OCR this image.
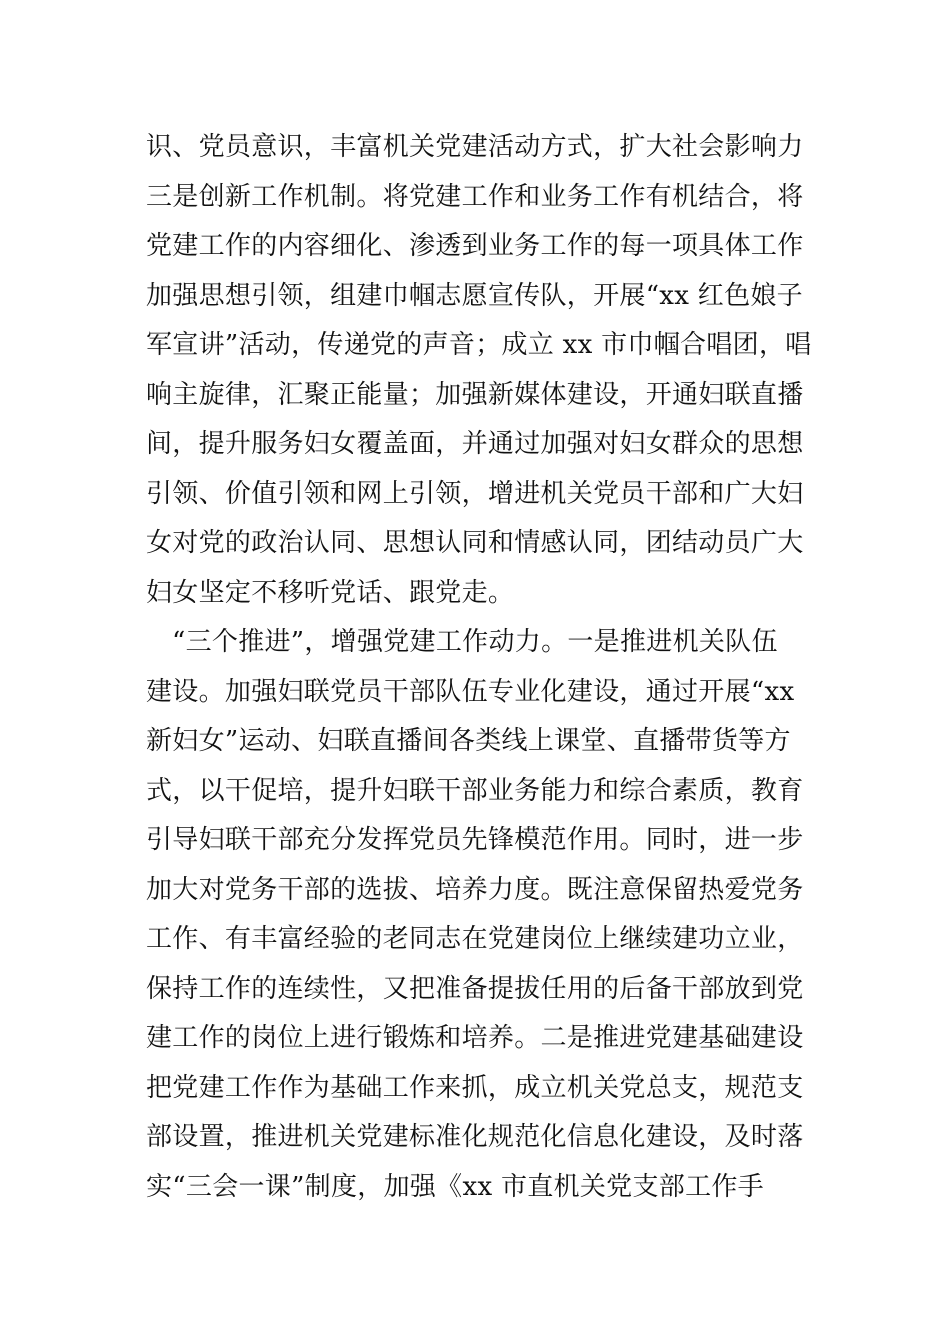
识、党员意识，丰富机关党建活动方式，扩大社会影响力
三是创新工作机制。将党建工作和业务工作有机结合，将
党建工作的内容细化、渗透到业务工作的每一项具体工作
加强思想引领，组建巾帼志愿宣传队，开展“xx 红色娘子
军宣讲”活动，传递党的声音；成立 xx 市巾帼合唱团，唱
响主旋律，汇聚正能量；加强新媒体建设，开通妇联直播
间，提升服务妇女覆盖面，并通过加强对妇女群众的思想
引领、价值引领和网上引领，增进机关党员干部和广大妇
女对党的政治认同、思想认同和情感认同，团结动员广大
妇女坚定不移听党话、跟党走。
“三个推进”，增强党建工作动力。一是推进机关队伍
建设。加强妇联党员干部队伍专业化建设，通过开展“xx
新妇女”运动、妇联直播间各类线上课堂、直播带货等方
式，以干促培，提升妇联干部业务能力和综合素质，教育
引导妇联干部充分发挥党员先锋模范作用。同时，进一步
加大对党务干部的选拔、培养力度。既注意保留热爱党务
工作、有丰富经验的老同志在党建岗位上继续建功立业，
保持工作的连续性，又把准备提拔任用的后备干部放到党
建工作的岗位上进行锻炼和培养。二是推进党建基础建设
把党建工作作为基础工作来抓，成立机关党总支，规范支
部设置，推进机关党建标准化规范化信息化建设，及时落
实“三会一课”制度，加强《xx 市直机关党支部工作手
